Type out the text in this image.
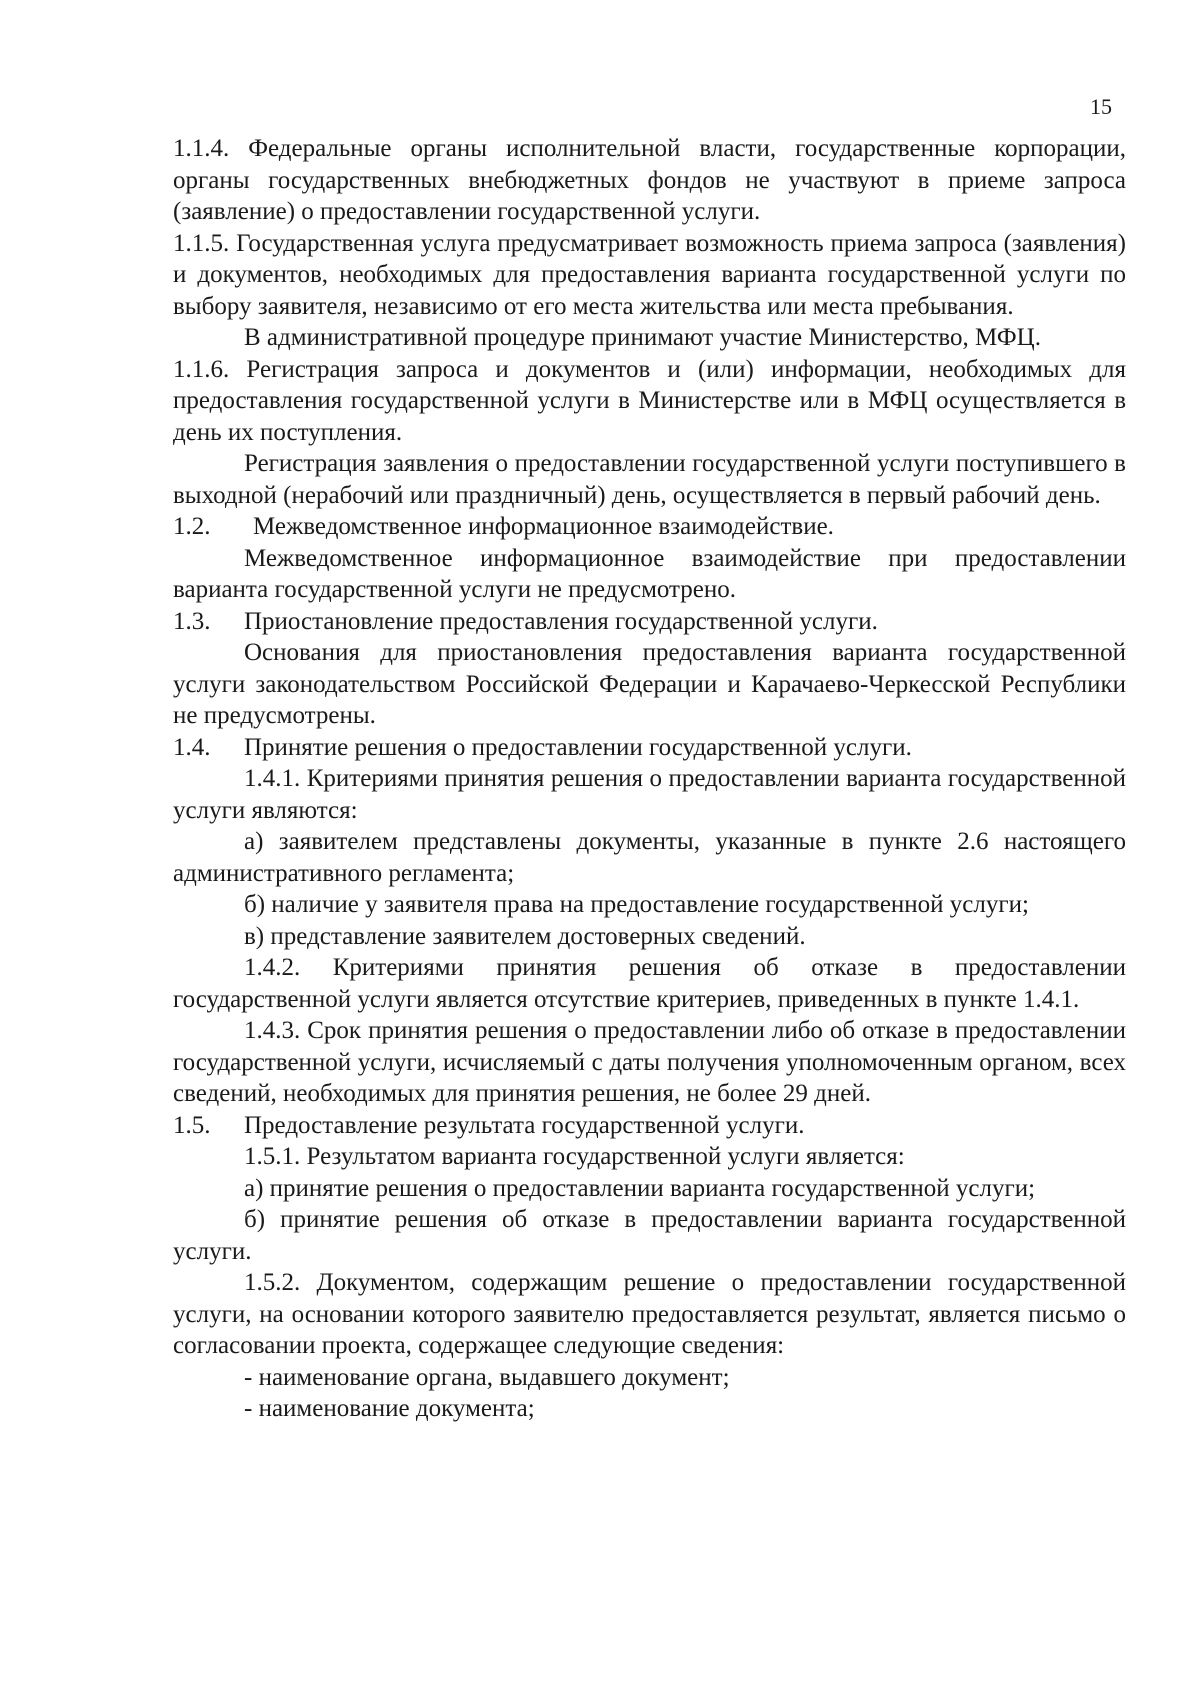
15

1.1.4. Федеральные органы исполнительной власти, государственные корпорации, органы государственных внебюджетных фондов не участвуют в приеме запроса (заявление) о предоставлении государственной услуги.

1.1.5. Государственная услуга предусматривает возможность приема запроса (заявления) и документов, необходимых для предоставления варианта государственной услуги по выбору заявителя, независимо от его места жительства или места пребывания.

В административной процедуре принимают участие Министерство, МФЦ.

1.1.6. Регистрация запроса и документов и (или) информации, необходимых для предоставления государственной услуги в Министерстве или в МФЦ осуществляется в день их поступления.

Регистрация заявления о предоставлении государственной услуги поступившего в выходной (нерабочий или праздничный) день, осуществляется в первый рабочий день.

1.2.	Межведомственное информационное взаимодействие.

Межведомственное информационное взаимодействие при предоставлении варианта государственной услуги не предусмотрено.

1.3.	Приостановление предоставления государственной услуги.

Основания для приостановления предоставления варианта государственной услуги законодательством Российской Федерации и Карачаево-Черкесской Республики не предусмотрены.

1.4.	Принятие решения о предоставлении государственной услуги.

1.4.1. Критериями принятия решения о предоставлении варианта государственной услуги являются:

а) заявителем представлены документы, указанные в пункте 2.6 настоящего административного регламента;

б) наличие у заявителя права на предоставление государственной услуги;

в) представление заявителем достоверных сведений.

1.4.2. Критериями принятия решения об отказе в предоставлении государственной услуги является отсутствие критериев, приведенных в пункте 1.4.1.

1.4.3. Срок принятия решения о предоставлении либо об отказе в предоставлении государственной услуги, исчисляемый с даты получения уполномоченным органом, всех сведений, необходимых для принятия решения, не более 29 дней.

1.5.	Предоставление результата государственной услуги.

1.5.1. Результатом варианта государственной услуги является:

а) принятие решения о предоставлении варианта государственной услуги;

б) принятие решения об отказе в предоставлении варианта государственной услуги.

1.5.2. Документом, содержащим решение о предоставлении государственной услуги, на основании которого заявителю предоставляется результат, является письмо о согласовании проекта, содержащее следующие сведения:

- наименование органа, выдавшего документ;

- наименование документа;
